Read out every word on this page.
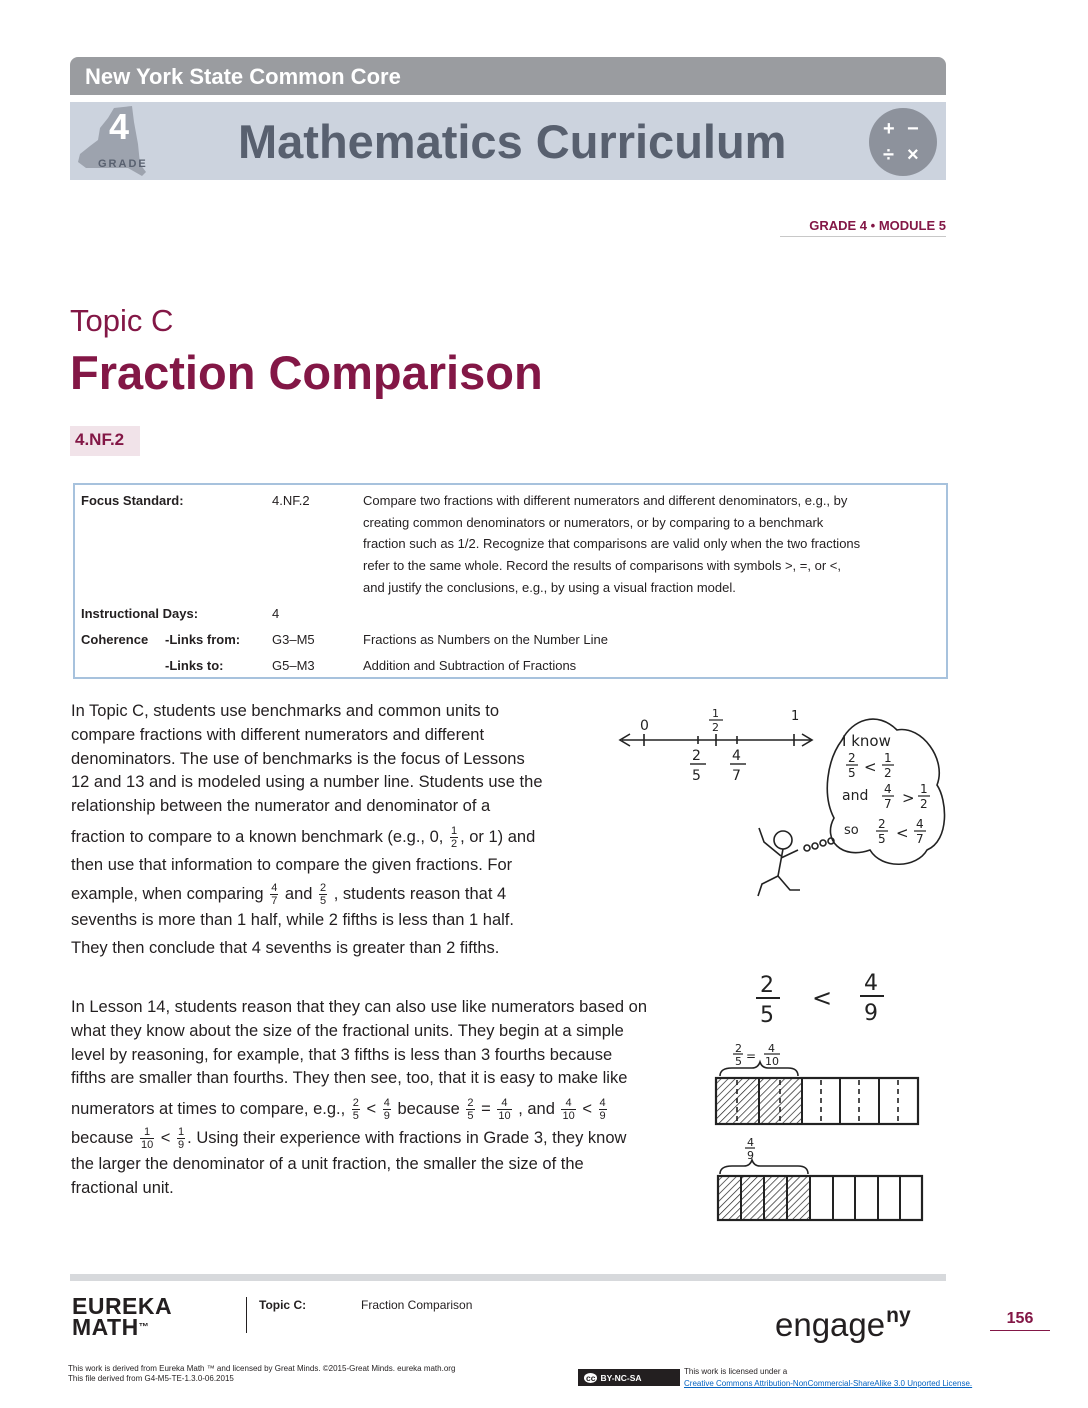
New York State Common Core
4
GRADE Mathematics Curriculum	+ −
÷ ×
GRADE 4 • MODULE 5
Topic C
Fraction Comparison
4.NF.2
Focus Standard:	4.NF.2	Compare two fractions with different numerators and different denominators, e.g., by
creating common denominators or numerators, or by comparing to a benchmark
fraction such as 1/2. Recognize that comparisons are valid only when the two fractions
refer to the same whole. Record the results of comparisons with symbols >, =, or <,
and justify the conclusions, e.g., by using a visual fraction model.
Instructional Days:	4
Coherence -Links from: G3–M5	Fractions as Numbers on the Number Line
-Links to:	G5–M3	Addition and Subtraction of Fractions
In Topic C, students use benchmarks and common units to
compare fractions with different numerators and different
denominators. The use of benchmarks is the focus of Lessons
12 and 13 and is modeled using a number line. Students use the
relationship between the numerator and denominator of a
fraction to compare to a known benchmark (e.g., 0, $\frac{1}{2}$ , or 1) and
then use that information to compare the given fractions. For
example, when comparing $\frac{4}{7}$ and $\frac{2}{5}$ , students reason that 4
sevenths is more than 1 half, while 2 fifths is less than 1 half.
They then conclude that 4 sevenths is greater than 2 fifths.
In Lesson 14, students reason that they can also use like numerators based on
what they know about the size of the fractional units. They begin at a simple
level by reasoning, for example, that 3 fifths is less than 3 fourths because
fifths are smaller than fourths. They then see, too, that it is easy to make like
numerators at times to compare, e.g., $\frac{2}{5} < \frac{4}{9}$ because $\frac{2}{5} = \frac{4}{10}$ , and $\frac{4}{10} < \frac{4}{9}$
because $\frac{1}{10} < \frac{1}{9}$ . Using their experience with fractions in Grade 3, they know
the larger the denominator of a unit fraction, the smaller the size of the
fractional unit.
0
1
2
1
2
5
4
7
I know
2
5 < 1
2
and 4
7 > 1
2
so 2
5 < 4
7
2
5
<
4
9
2
5 =
4
10
4
9
EUREKA
MATH™
Topic C:	Fraction Comparison
engage$^{ny}$	156
This work is derived from Eureka Math ™ and licensed by Great Minds. ©2015-Great Minds. eureka math.org
This file derived from G4-M5-TE-1.3.0-06.2015	cc BY-NC-SA
This work is licensed under a
Creative Commons Attribution-NonCommercial-ShareAlike 3.0 Unported License.
